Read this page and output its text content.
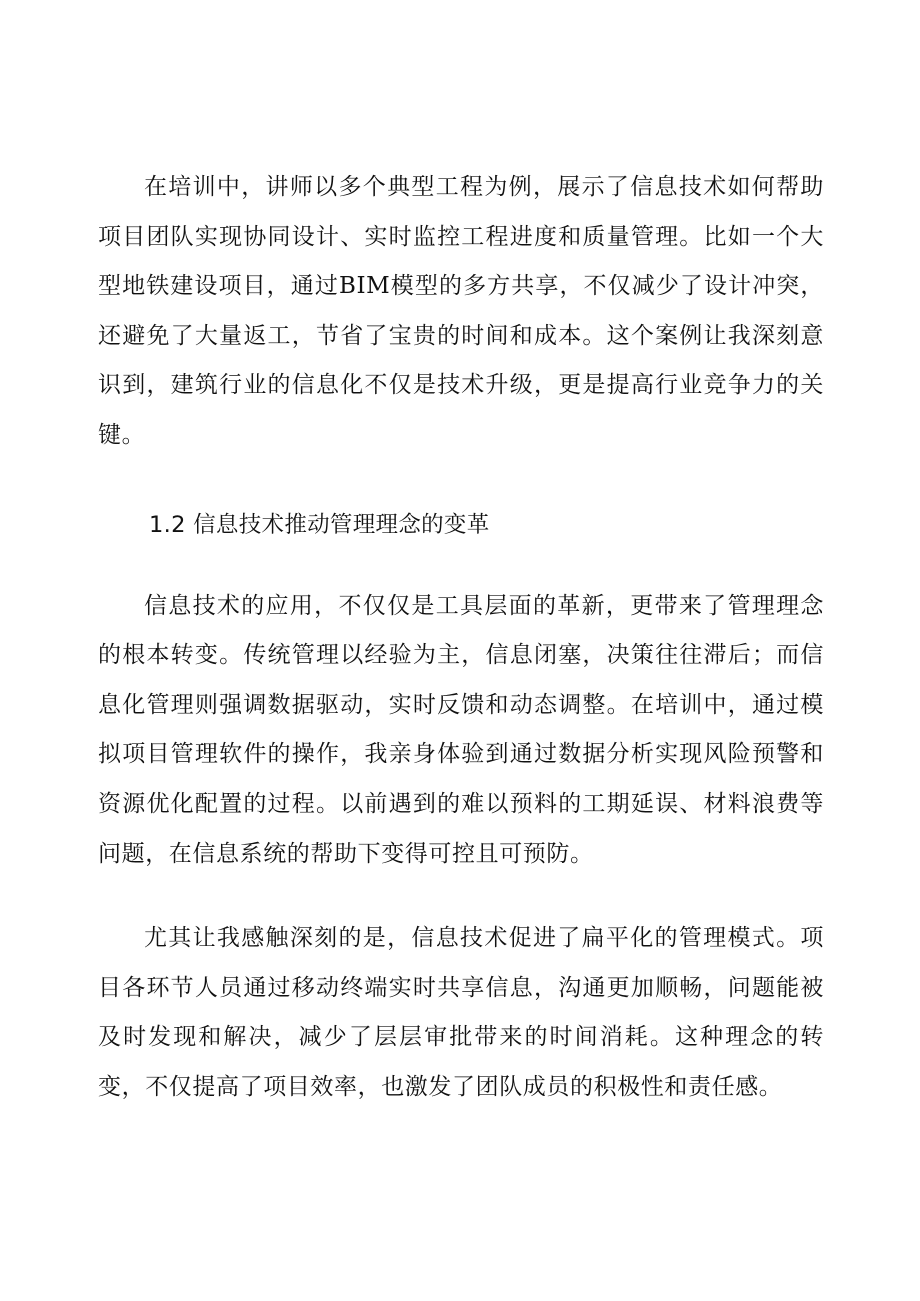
在培训中，讲师以多个典型工程为例，展示了信息技术如何帮助项目团队实现协同设计、实时监控工程进度和质量管理。比如一个大型地铁建设项目，通过BIM模型的多方共享，不仅减少了设计冲突，还避免了大量返工，节省了宝贵的时间和成本。这个案例让我深刻意识到，建筑行业的信息化不仅是技术升级，更是提高行业竞争力的关键。

1.2 信息技术推动管理理念的变革

信息技术的应用，不仅仅是工具层面的革新，更带来了管理理念的根本转变。传统管理以经验为主，信息闭塞，决策往往滞后；而信息化管理则强调数据驱动，实时反馈和动态调整。在培训中，通过模拟项目管理软件的操作，我亲身体验到通过数据分析实现风险预警和资源优化配置的过程。以前遇到的难以预料的工期延误、材料浪费等问题，在信息系统的帮助下变得可控且可预防。

尤其让我感触深刻的是，信息技术促进了扁平化的管理模式。项目各环节人员通过移动终端实时共享信息，沟通更加顺畅，问题能被及时发现和解决，减少了层层审批带来的时间消耗。这种理念的转变，不仅提高了项目效率，也激发了团队成员的积极性和责任感。
